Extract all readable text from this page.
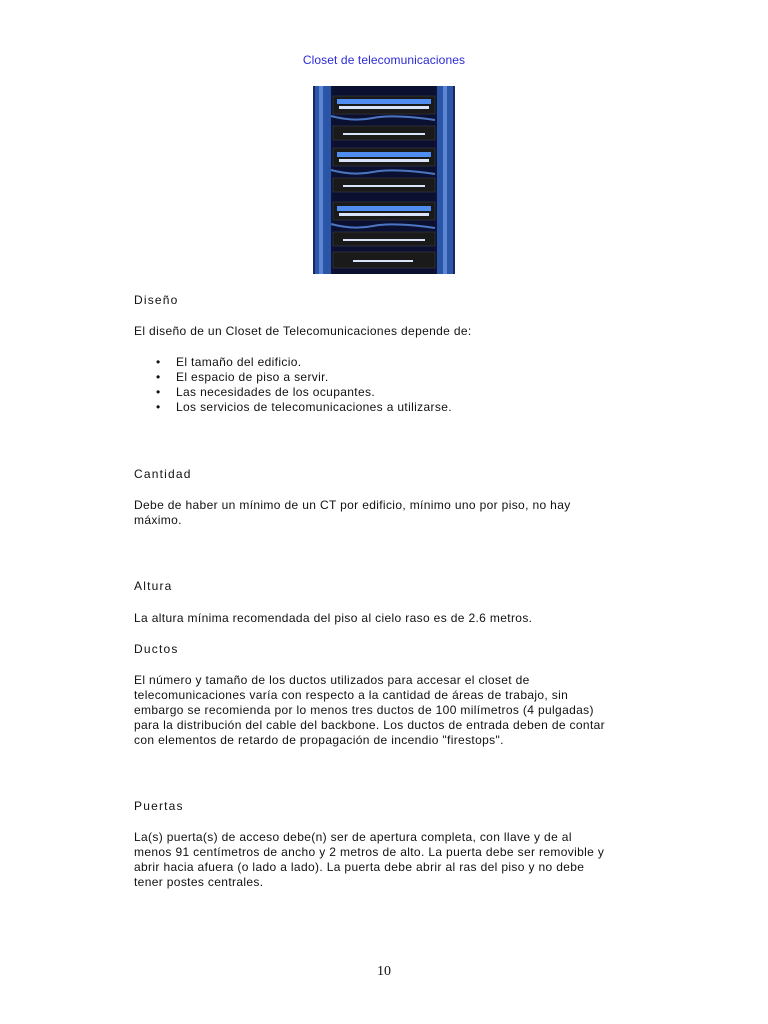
Closet de telecomunicaciones
Diseño
El diseño de un Closet de Telecomunicaciones depende de:
• El tamaño del edificio.
• El espacio de piso a servir.
• Las necesidades de los ocupantes.
• Los servicios de telecomunicaciones a utilizarse.
Cantidad
Debe de haber un mínimo de un CT por edificio, mínimo uno por piso, no hay
máximo.
Altura
La altura mínima recomendada del piso al cielo raso es de 2.6 metros.
Ductos
El número y tamaño de los ductos utilizados para accesar el closet de
telecomunicaciones varía con respecto a la cantidad de áreas de trabajo, sin
embargo se recomienda por lo menos tres ductos de 100 milímetros (4 pulgadas)
para la distribución del cable del backbone. Los ductos de entrada deben de contar
con elementos de retardo de propagación de incendio "firestops".
Puertas
La(s) puerta(s) de acceso debe(n) ser de apertura completa, con llave y de al
menos 91 centímetros de ancho y 2 metros de alto. La puerta debe ser removible y
abrir hacia afuera (o lado a lado). La puerta debe abrir al ras del piso y no debe
tener postes centrales.
10
